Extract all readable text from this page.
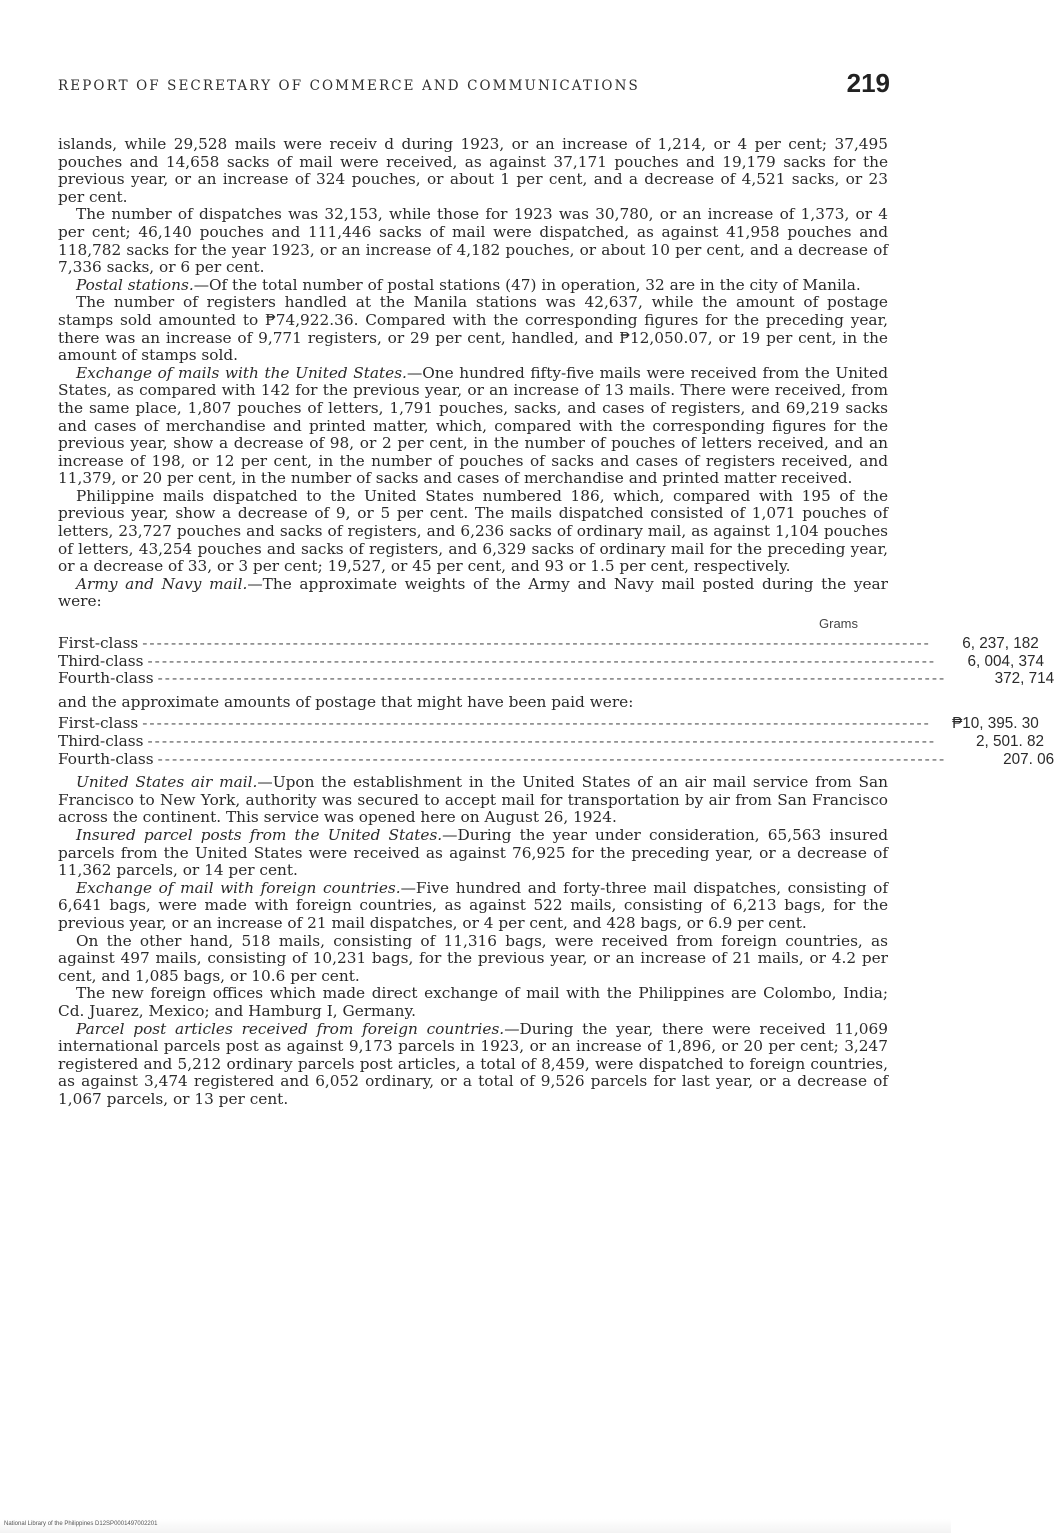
REPORT OF SECRETARY OF COMMERCE AND COMMUNICATIONS	219

islands, while 29,528 mails were receiv d during 1923, or an increase of 1,214, or 4 per cent; 37,495 pouches and 14,658 sacks of mail were received, as against 37,171 pouches and 19,179 sacks for the previous year, or an increase of 324 pouches, or about 1 per cent, and a decrease of 4,521 sacks, or 23 per cent.

The number of dispatches was 32,153, while those for 1923 was 30,780, or an increase of 1,373, or 4 per cent; 46,140 pouches and 111,446 sacks of mail were dispatched, as against 41,958 pouches and 118,782 sacks for the year 1923, or an increase of 4,182 pouches, or about 10 per cent, and a decrease of 7,336 sacks, or 6 per cent.

Postal stations.—Of the total number of postal stations (47) in operation, 32 are in the city of Manila.

The number of registers handled at the Manila stations was 42,637, while the amount of postage stamps sold amounted to ₱74,922.36. Compared with the corresponding figures for the preceding year, there was an increase of 9,771 registers, or 29 per cent, handled, and ₱12,050.07, or 19 per cent, in the amount of stamps sold.

Exchange of mails with the United States.—One hundred fifty-five mails were received from the United States, as compared with 142 for the previous year, or an increase of 13 mails. There were received, from the same place, 1,807 pouches of letters, 1,791 pouches, sacks, and cases of registers, and 69,219 sacks and cases of merchandise and printed matter, which, compared with the corresponding figures for the previous year, show a decrease of 98, or 2 per cent, in the number of pouches of letters received, and an increase of 198, or 12 per cent, in the number of pouches of sacks and cases of registers received, and 11,379, or 20 per cent, in the number of sacks and cases of merchandise and printed matter received.

Philippine mails dispatched to the United States numbered 186, which, compared with 195 of the previous year, show a decrease of 9, or 5 per cent. The mails dispatched consisted of 1,071 pouches of letters, 23,727 pouches and sacks of registers, and 6,236 sacks of ordinary mail, as against 1,104 pouches of letters, 43,254 pouches and sacks of registers, and 6,329 sacks of ordinary mail for the preceding year, or a decrease of 33, or 3 per cent; 19,527, or 45 per cent, and 93 or 1.5 per cent, respectively.

Army and Navy mail.—The approximate weights of the Army and Navy mail posted during the year were:

Grams
First-class --------------------------------------------------------------------------------------------------------------	6, 237, 182
Third-class --------------------------------------------------------------------------------------------------------------	6, 004, 374
Fourth-class --------------------------------------------------------------------------------------------------------------	372, 714
and the approximate amounts of postage that might have been paid were:
First-class --------------------------------------------------------------------------------------------------------------	₱10, 395. 30
Third-class --------------------------------------------------------------------------------------------------------------	2, 501. 82
Fourth-class --------------------------------------------------------------------------------------------------------------	207. 06

United States air mail.—Upon the establishment in the United States of an air mail service from San Francisco to New York, authority was secured to accept mail for transportation by air from San Francisco across the continent. This service was opened here on August 26, 1924.

Insured parcel posts from the United States.—During the year under consideration, 65,563 insured parcels from the United States were received as against 76,925 for the preceding year, or a decrease of 11,362 parcels, or 14 per cent.

Exchange of mail with foreign countries.—Five hundred and forty-three mail dispatches, consisting of 6,641 bags, were made with foreign countries, as against 522 mails, consisting of 6,213 bags, for the previous year, or an increase of 21 mail dispatches, or 4 per cent, and 428 bags, or 6.9 per cent.

On the other hand, 518 mails, consisting of 11,316 bags, were received from foreign countries, as against 497 mails, consisting of 10,231 bags, for the previous year, or an increase of 21 mails, or 4.2 per cent, and 1,085 bags, or 10.6 per cent.

The new foreign offices which made direct exchange of mail with the Philippines are Colombo, India; Cd. Juarez, Mexico; and Hamburg I, Germany.

Parcel post articles received from foreign countries.—During the year, there were received 11,069 international parcels post as against 9,173 parcels in 1923, or an increase of 1,896, or 20 per cent; 3,247 registered and 5,212 ordinary parcels post articles, a total of 8,459, were dispatched to foreign countries, as against 3,474 registered and 6,052 ordinary, or a total of 9,526 parcels for last year, or a decrease of 1,067 parcels, or 13 per cent.

National Library of the Philippines D12SP0001497002201
